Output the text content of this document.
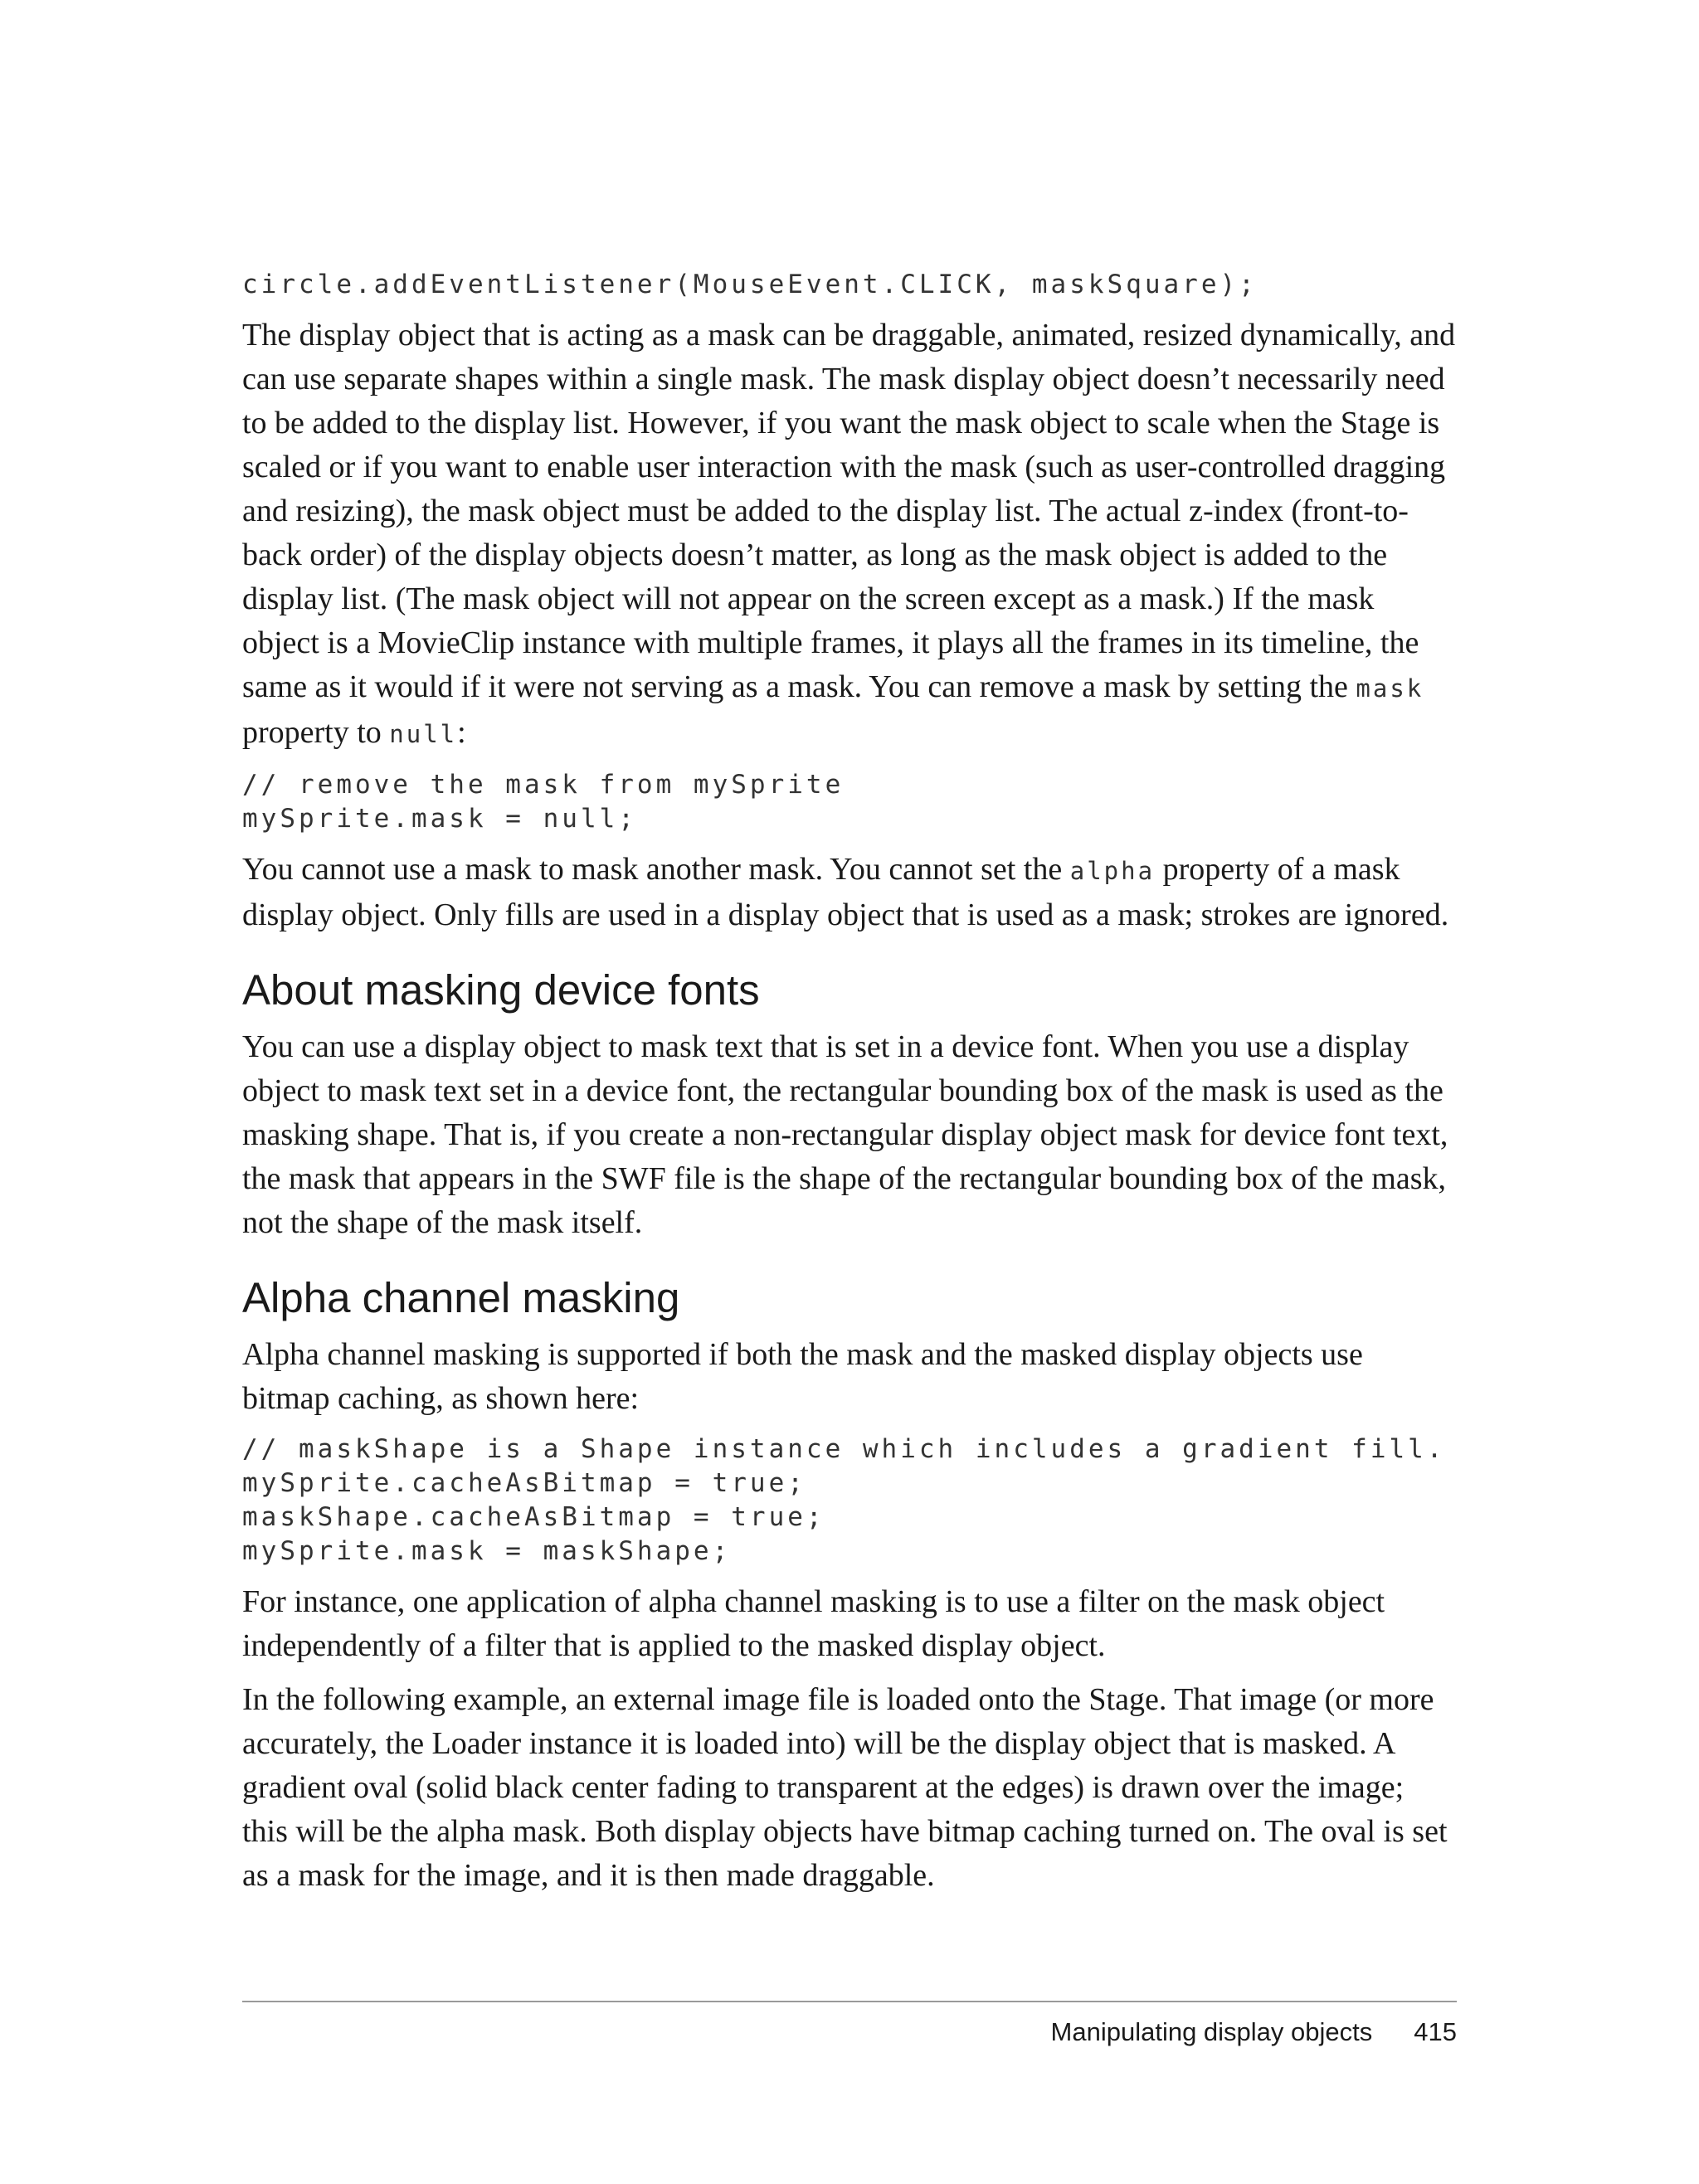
circle.addEventListener(MouseEvent.CLICK, maskSquare);

The display object that is acting as a mask can be draggable, animated, resized dynamically, and can use separate shapes within a single mask. The mask display object doesn’t necessarily need to be added to the display list. However, if you want the mask object to scale when the Stage is scaled or if you want to enable user interaction with the mask (such as user-controlled dragging and resizing), the mask object must be added to the display list. The actual z-index (front-to-back order) of the display objects doesn’t matter, as long as the mask object is added to the display list. (The mask object will not appear on the screen except as a mask.) If the mask object is a MovieClip instance with multiple frames, it plays all the frames in its timeline, the same as it would if it were not serving as a mask. You can remove a mask by setting the mask property to null:

// remove the mask from mySprite
mySprite.mask = null;

You cannot use a mask to mask another mask. You cannot set the alpha property of a mask display object. Only fills are used in a display object that is used as a mask; strokes are ignored.

About masking device fonts

You can use a display object to mask text that is set in a device font. When you use a display object to mask text set in a device font, the rectangular bounding box of the mask is used as the masking shape. That is, if you create a non-rectangular display object mask for device font text, the mask that appears in the SWF file is the shape of the rectangular bounding box of the mask, not the shape of the mask itself.

Alpha channel masking

Alpha channel masking is supported if both the mask and the masked display objects use bitmap caching, as shown here:

// maskShape is a Shape instance which includes a gradient fill.
mySprite.cacheAsBitmap = true;
maskShape.cacheAsBitmap = true;
mySprite.mask = maskShape;

For instance, one application of alpha channel masking is to use a filter on the mask object independently of a filter that is applied to the masked display object.

In the following example, an external image file is loaded onto the Stage. That image (or more accurately, the Loader instance it is loaded into) will be the display object that is masked. A gradient oval (solid black center fading to transparent at the edges) is drawn over the image; this will be the alpha mask. Both display objects have bitmap caching turned on. The oval is set as a mask for the image, and it is then made draggable.

Manipulating display objects 415
